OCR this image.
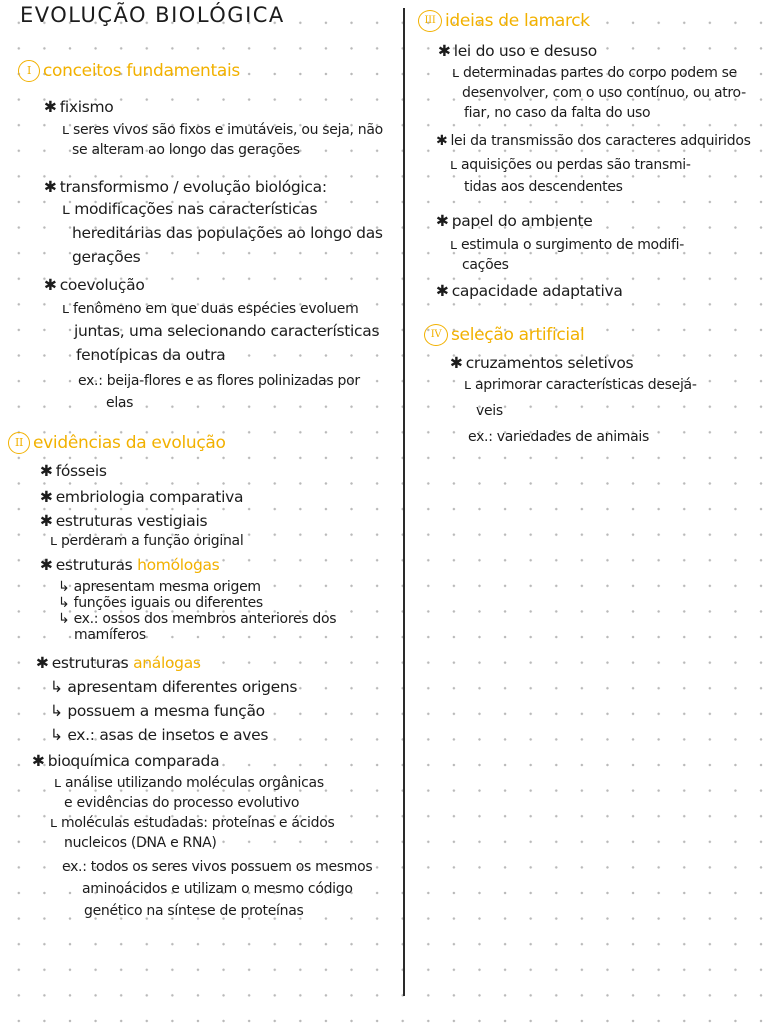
EVOLUÇÃO BIOLÓGICA
I conceitos fundamentais
✱ fixismo
ʟ seres vivos são fixos e imutáveis, ou seja, não
se alteram ao longo das gerações
✱ transformismo / evolução biológica:
ʟ modificações nas características
hereditárias das populações ao longo das
gerações
✱ coevolução
ʟ fenômeno em que duas espécies evoluem
juntas, uma selecionando características
fenotípicas da outra
ex.: beija-flores e as flores polinizadas por
elas
II evidências da evolução
✱ fósseis
✱ embriologia comparativa
✱ estruturas vestigiais
ʟ perderam a função original
✱ estruturas homólogas
↳ apresentam mesma origem
↳ funções iguais ou diferentes
↳ ex.: ossos dos membros anteriores dos
mamíferos
✱ estruturas análogas
↳ apresentam diferentes origens
↳ possuem a mesma função
↳ ex.: asas de insetos e aves
✱ bioquímica comparada
ʟ análise utilizando moléculas orgânicas
e evidências do processo evolutivo
ʟ moléculas estudadas: proteínas e ácidos
nucleicos (DNA e RNA)
ex.: todos os seres vivos possuem os mesmos
aminoácidos e utilizam o mesmo código
genético na síntese de proteínas
III ideias de lamarck
✱ lei do uso e desuso
ʟ determinadas partes do corpo podem se
desenvolver, com o uso contínuo, ou atro-
fiar, no caso da falta do uso
✱ lei da transmissão dos caracteres adquiridos
ʟ aquisições ou perdas são transmi-
tidas aos descendentes
✱ papel do ambiente
ʟ estimula o surgimento de modifi-
cações
✱ capacidade adaptativa
IV seleção artificial
✱ cruzamentos seletivos
ʟ aprimorar características desejá-
veis
ex.: variedades de animais
